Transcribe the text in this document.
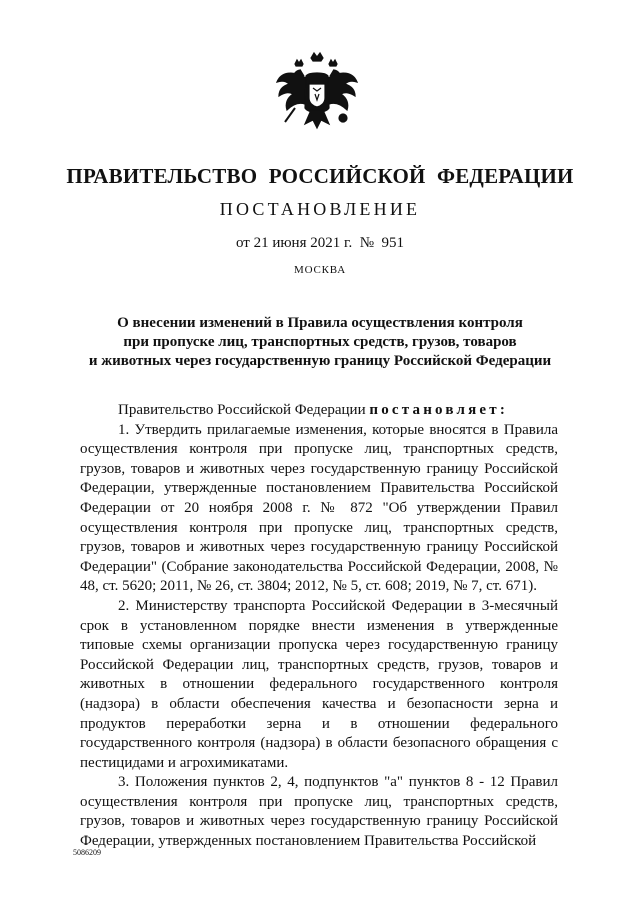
ПРАВИТЕЛЬСТВО РОССИЙСКОЙ ФЕДЕРАЦИИ
ПОСТАНОВЛЕНИЕ
от 21 июня 2021 г.  №  951
МОСКВА
О внесении изменений в Правила осуществления контроля
при пропуске лиц, транспортных средств, грузов, товаров
и животных через государственную границу Российской Федерации

Правительство Российской Федерации постановляет:

1. Утвердить прилагаемые изменения, которые вносятся в Правила осуществления контроля при пропуске лиц, транспортных средств, грузов, товаров и животных через государственную границу Российской Федерации, утвержденные постановлением Правительства Российской Федерации от 20 ноября 2008 г. № 872 "Об утверждении Правил осуществления контроля при пропуске лиц, транспортных средств, грузов, товаров и животных через государственную границу Российской Федерации" (Собрание законодательства Российской Федерации, 2008, № 48, ст. 5620; 2011, № 26, ст. 3804; 2012, № 5, ст. 608; 2019, № 7, ст. 671).

2. Министерству транспорта Российской Федерации в 3-месячный срок в установленном порядке внести изменения в утвержденные типовые схемы организации пропуска через государственную границу Российской Федерации лиц, транспортных средств, грузов, товаров и животных в отношении федерального государственного контроля (надзора) в области обеспечения качества и безопасности зерна и продуктов переработки зерна и в отношении федерального государственного контроля (надзора) в области безопасного обращения с пестицидами и агрохимикатами.

3. Положения пунктов 2, 4, подпунктов "а" пунктов 8 - 12 Правил осуществления контроля при пропуске лиц, транспортных средств, грузов, товаров и животных через государственную границу Российской Федерации, утвержденных постановлением Правительства Российской

5086209
